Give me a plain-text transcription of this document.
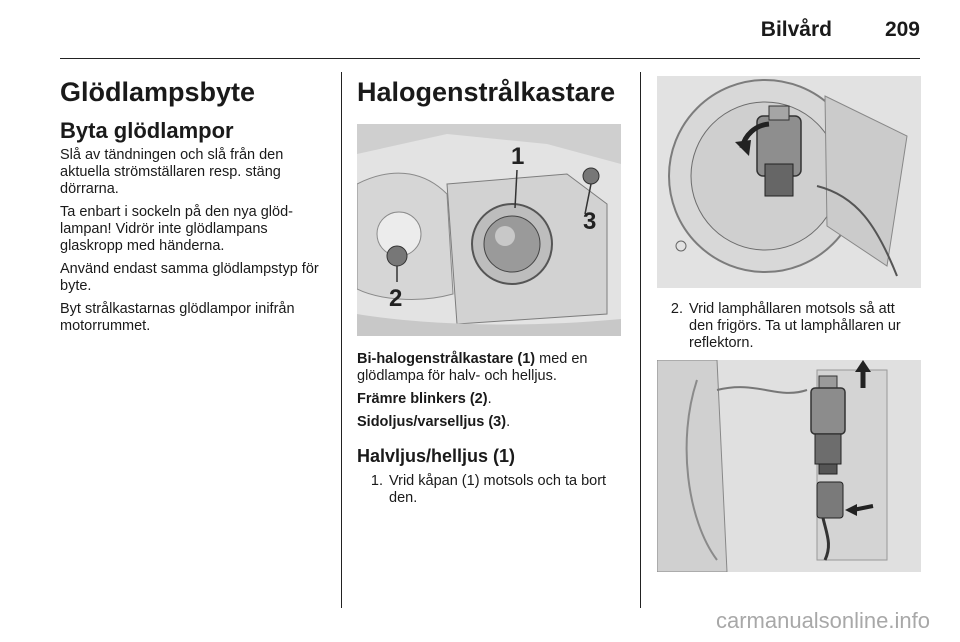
Bilvård	209
Glödlampsbyte
Byta glödlampor

Slå av tändningen och slå från den aktuella strömställaren resp. stäng dörrarna.

Ta enbart i sockeln på den nya glöd-lampan! Vidrör inte glödlampans glaskropp med händerna.

Använd endast samma glödlampstyp för byte.

Byt strålkastarnas glödlampor inifrån motorrummet.

Halogenstrålkastare
1
3
2

Bi-halogenstrålkastare (1) med en glödlampa för halv- och helljus.

Främre blinkers (2).

Sidoljus/varselljus (3).

Halvljus/helljus (1)
1. Vrid kåpan (1) motsols och ta bort den.
2. Vrid lamphållaren motsols så att den frigörs. Ta ut lamphållaren ur reflektorn.
carmanualsonline.info
